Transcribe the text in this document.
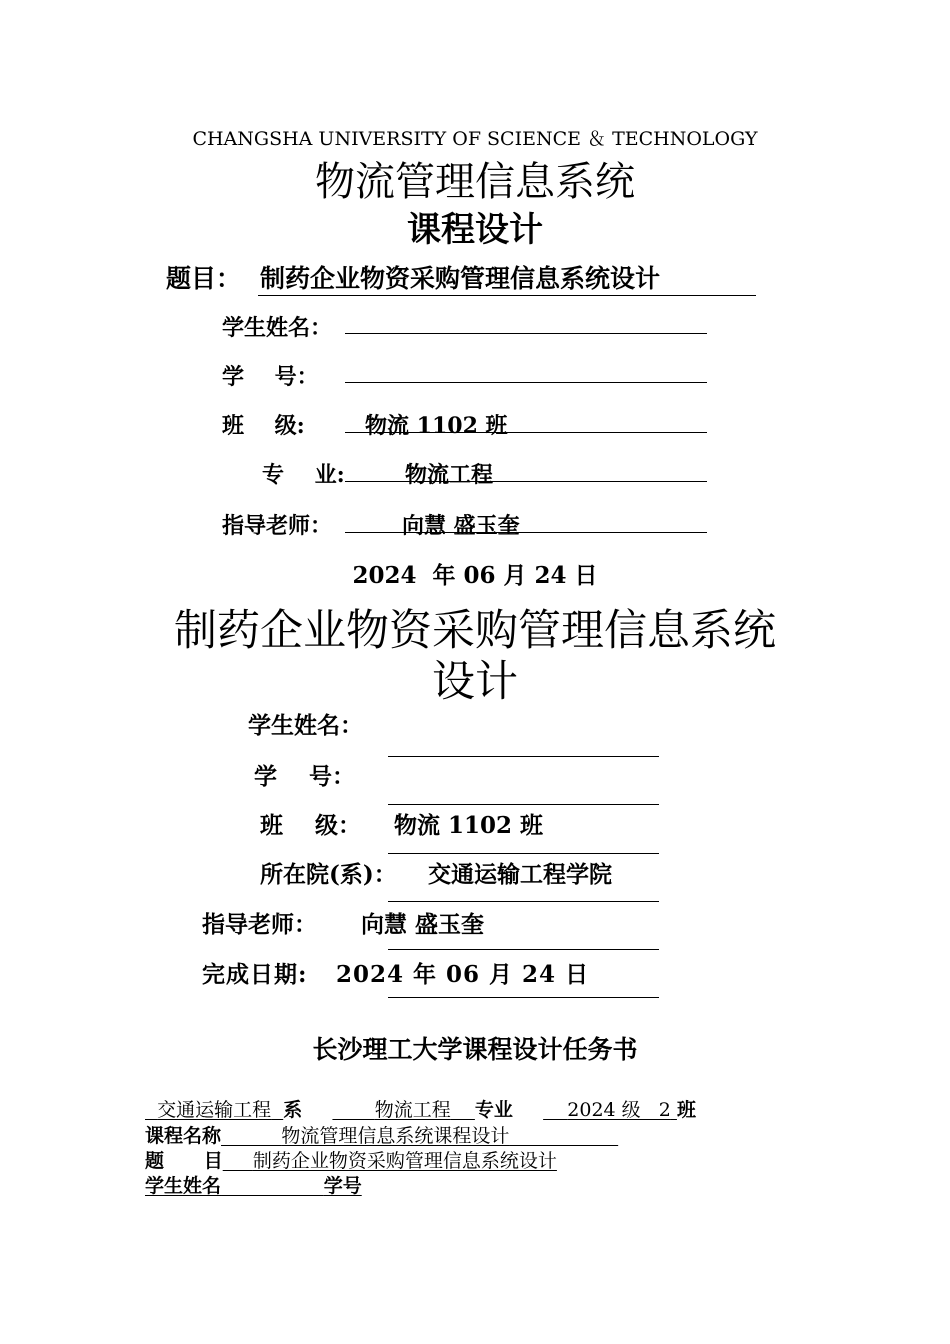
CHANGSHA UNIVERSITY OF SCIENCE ＆ TECHNOLOGY
物流管理信息系统
课程设计
题目： 制药企业物资采购管理信息系统设计
学生姓名：
学    号：
班    级:	物流 1102 班
专    业:	物流工程
指导老师：	向慧 盛玉奎
2024  年 06 月 24 日
制药企业物资采购管理信息系统
设计
学生姓名：
学    号：
班    级： 物流 1102 班
所在院(系)： 交通运输工程学院
指导老师： 向慧 盛玉奎
完成日期: 2024 年 06 月 24 日
长沙理工大学课程设计任务书
交通运输工程 系	物流工程 专业	2024 级   2 班
课程名称	物流管理信息系统课程设计
题      目 制药企业物资采购管理信息系统设计
学生姓名	学号
